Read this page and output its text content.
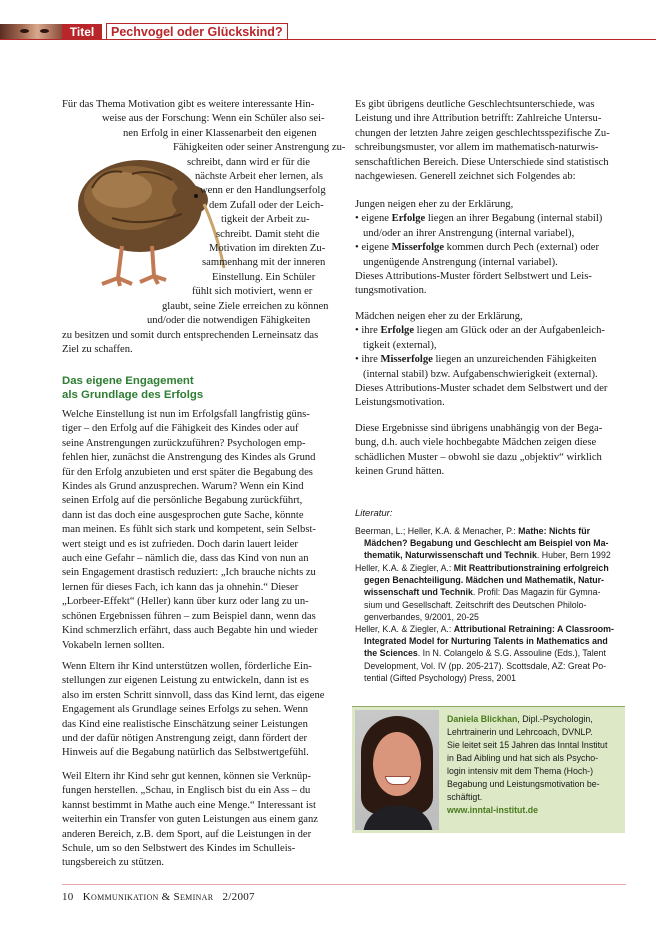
Titel	Pechvogel oder Glückskind?
Für das Thema Motivation gibt es weitere interessante Hin-
weise aus der Forschung: Wenn ein Schüler also sei-
nen Erfolg in einer Klassenarbeit den eigenen
Fähigkeiten oder seiner Anstrengung zu-
schreibt, dann wird er für die
nächste Arbeit eher lernen, als
wenn er den Handlungserfolg
dem Zufall oder der Leich-
tigkeit der Arbeit zu-
schreibt. Damit steht die
Motivation im direkten Zu-
sammenhang mit der inneren
Einstellung. Ein Schüler
fühlt sich motiviert, wenn er
glaubt, seine Ziele erreichen zu können
und/oder die notwendigen Fähigkeiten
zu besitzen und somit durch entsprechenden Lerneinsatz das
Ziel zu schaffen.
Das eigene Engagement
als Grundlage des Erfolgs
Welche Einstellung ist nun im Erfolgsfall langfristig güns-
tiger – den Erfolg auf die Fähigkeit des Kindes oder auf
seine Anstrengungen zurückzuführen? Psychologen emp-
fehlen hier, zunächst die Anstrengung des Kindes als Grund
für den Erfolg anzubieten und erst später die Begabung des
Kindes als Grund anzusprechen. Warum? Wenn ein Kind
seinen Erfolg auf die persönliche Begabung zurückführt,
dann ist das doch eine ausgesprochen gute Sache, könnte
man meinen. Es fühlt sich stark und kompetent, sein Selbst-
wert steigt und es ist zufrieden. Doch darin lauert leider
auch eine Gefahr – nämlich die, dass das Kind von nun an
sein Engagement drastisch reduziert: „Ich brauche nichts zu
lernen für dieses Fach, ich kann das ja ohnehin.“ Dieser
„Lorbeer-Effekt“ (Heller) kann über kurz oder lang zu un-
schönen Ergebnissen führen – zum Beispiel dann, wenn das
Kind schmerzlich erfährt, dass auch Begabte hin und wieder
Vokabeln lernen sollten.
Wenn Eltern ihr Kind unterstützen wollen, förderliche Ein-
stellungen zur eigenen Leistung zu entwickeln, dann ist es
also im ersten Schritt sinnvoll, dass das Kind lernt, das eigene
Engagement als Grundlage seines Erfolgs zu sehen. Wenn
das Kind eine realistische Einschätzung seiner Leistungen
und der dafür nötigen Anstrengung zeigt, dann fördert der
Hinweis auf die Begabung natürlich das Selbstwertgefühl.
Weil Eltern ihr Kind sehr gut kennen, können sie Verknüp-
fungen herstellen. „Schau, in Englisch bist du ein Ass – du
kannst bestimmt in Mathe auch eine Menge.“ Interessant ist
weiterhin ein Transfer von guten Leistungen aus einem ganz
anderen Bereich, z.B. dem Sport, auf die Leistungen in der
Schule, um so den Selbstwert des Kindes im Schulleis-
tungsbereich zu stützen.
Es gibt übrigens deutliche Geschlechtsunterschiede, was
Leistung und ihre Attribution betrifft: Zahlreiche Untersu-
chungen der letzten Jahre zeigen geschlechtsspezifische Zu-
schreibungsmuster, vor allem im mathematisch-naturwis-
senschaftlichen Bereich. Diese Unterschiede sind statistisch
nachgewiesen. Generell zeichnet sich Folgendes ab:
Jungen neigen eher zu der Erklärung,
• eigene Erfolge liegen an ihrer Begabung (internal stabil)
und/oder an ihrer Anstrengung (internal variabel),
• eigene Misserfolge kommen durch Pech (external) oder
ungenügende Anstrengung (internal variabel).
Dieses Attributions-Muster fördert Selbstwert und Leis-
tungsmotivation.
Mädchen neigen eher zu der Erklärung,
• ihre Erfolge liegen am Glück oder an der Aufgabenleich-
tigkeit (external),
• ihre Misserfolge liegen an unzureichenden Fähigkeiten
(internal stabil) bzw. Aufgabenschwierigkeit (external).
Dieses Attributions-Muster schadet dem Selbstwert und der
Leistungsmotivation.
Diese Ergebnisse sind übrigens unabhängig von der Bega-
bung, d.h. auch viele hochbegabte Mädchen zeigen diese
schädlichen Muster – obwohl sie dazu „objektiv“ wirklich
keinen Grund hätten.
Literatur:
Beerman, L.; Heller, K.A. & Menacher, P.: Mathe: Nichts für
Mädchen? Begabung und Geschlecht am Beispiel von Ma-
thematik, Naturwissenschaft und Technik. Huber, Bern 1992
Heller, K.A. & Ziegler, A.: Mit Reattributionstraining erfolgreich
gegen Benachteiligung. Mädchen und Mathematik, Natur-
wissenschaft und Technik. Profil: Das Magazin für Gymna-
sium und Gesellschaft. Zeitschrift des Deutschen Philolo-
genverbandes, 9/2001, 20-25
Heller, K.A. & Ziegler, A.: Attributional Retraining: A Classroom-
Integrated Model for Nurturing Talents in Mathematics and
the Sciences. In N. Colangelo & S.G. Assouline (Eds.), Talent
Development, Vol. IV (pp. 205-217). Scottsdale, AZ: Great Po-
tential (Gifted Psychology) Press, 2001
Daniela Blickhan, Dipl.-Psychologin,
Lehrtrainerin und Lehrcoach, DVNLP.
Sie leitet seit 15 Jahren das Inntal Institut
in Bad Aibling und hat sich als Psycho-
login intensiv mit dem Thema (Hoch-)
Begabung und Leistungsmotivation be-
schäftigt.
www.inntal-institut.de
10 Kommunikation & Seminar 2/2007
